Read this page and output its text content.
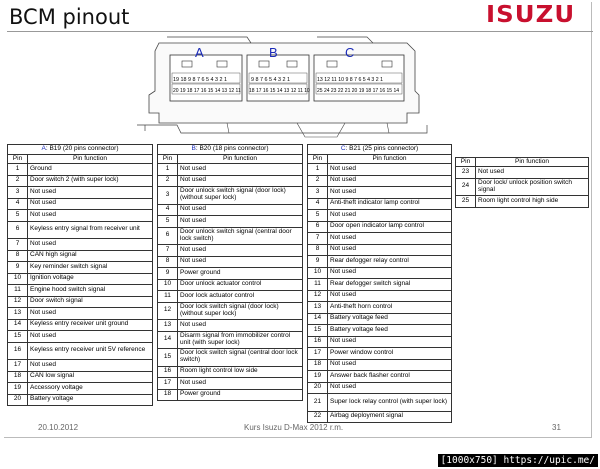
BCM pinout	ISUZU
19 18 9 8 7 6 5 4 3 2 1
20 19 18 17 16 15 14 13 12 11
9 8 7 6 5 4 3 2 1
18 17 16 15 14 13 12 11 10
13 12 11 10 9 8 7 6 5 4 3 2 1
25 24 23 22 21 20 19 18 17 16 15 14
A	B	C
A: B19 (20 pins connector)	
Pin	Pin function
1	Ground
2	Door switch 2 (with super lock)
3	Not used
4	Not used
5	Not used
6	Keyless entry signal from receiver unit
7	Not used
8	CAN high signal
9	Key reminder switch signal
10	Ignition voltage
11	Engine hood switch signal
12	Door switch signal
13	Not used
14	Keyless entry receiver unit ground
15	Not used
16	Keyless entry receiver unit 5V reference
17	Not used
18	CAN low signal
19	Accessory voltage
20	Battery voltage
B: B20 (18 pins connector)	
Pin	Pin function
1	Not used
2	Not used
3	Door unlock switch signal (door lock) (without super lock)
4	Not used
5	Not used
6	Door unlock switch signal (central door lock switch)
7	Not used
8	Not used
9	Power ground
10	Door unlock actuator control
11	Door lock actuator control
12	Door lock switch signal (door lock) (without super lock)
13	Not used
14	Disarm signal from immobilizer control unit (with super lock)
15	Door lock switch signal (central door lock switch)
16	Room light control low side
17	Not used
18	Power ground
C: B21 (25 pins connector)	
Pin	Pin function
1	Not used
2	Not used
3	Not used
4	Anti-theft indicator lamp control
5	Not used
6	Door open indicator lamp control
7	Not used
8	Not used
9	Rear defogger relay control
10	Not used
11	Rear defogger switch signal
12	Not used
13	Anti-theft horn control
14	Battery voltage feed
15	Battery voltage feed
16	Not used
17	Power window control
18	Not used
19	Answer back flasher control
20	Not used
21	Super lock relay control (with super lock)
22	Airbag deployment signal
Pin	Pin function
23	Not used
24	Door lock/ unlock position switch signal
25	Room light control high side
20.10.2012	Kurs Isuzu D-Max 2012 r.m.	31
[1000x750] https://upic.me/
